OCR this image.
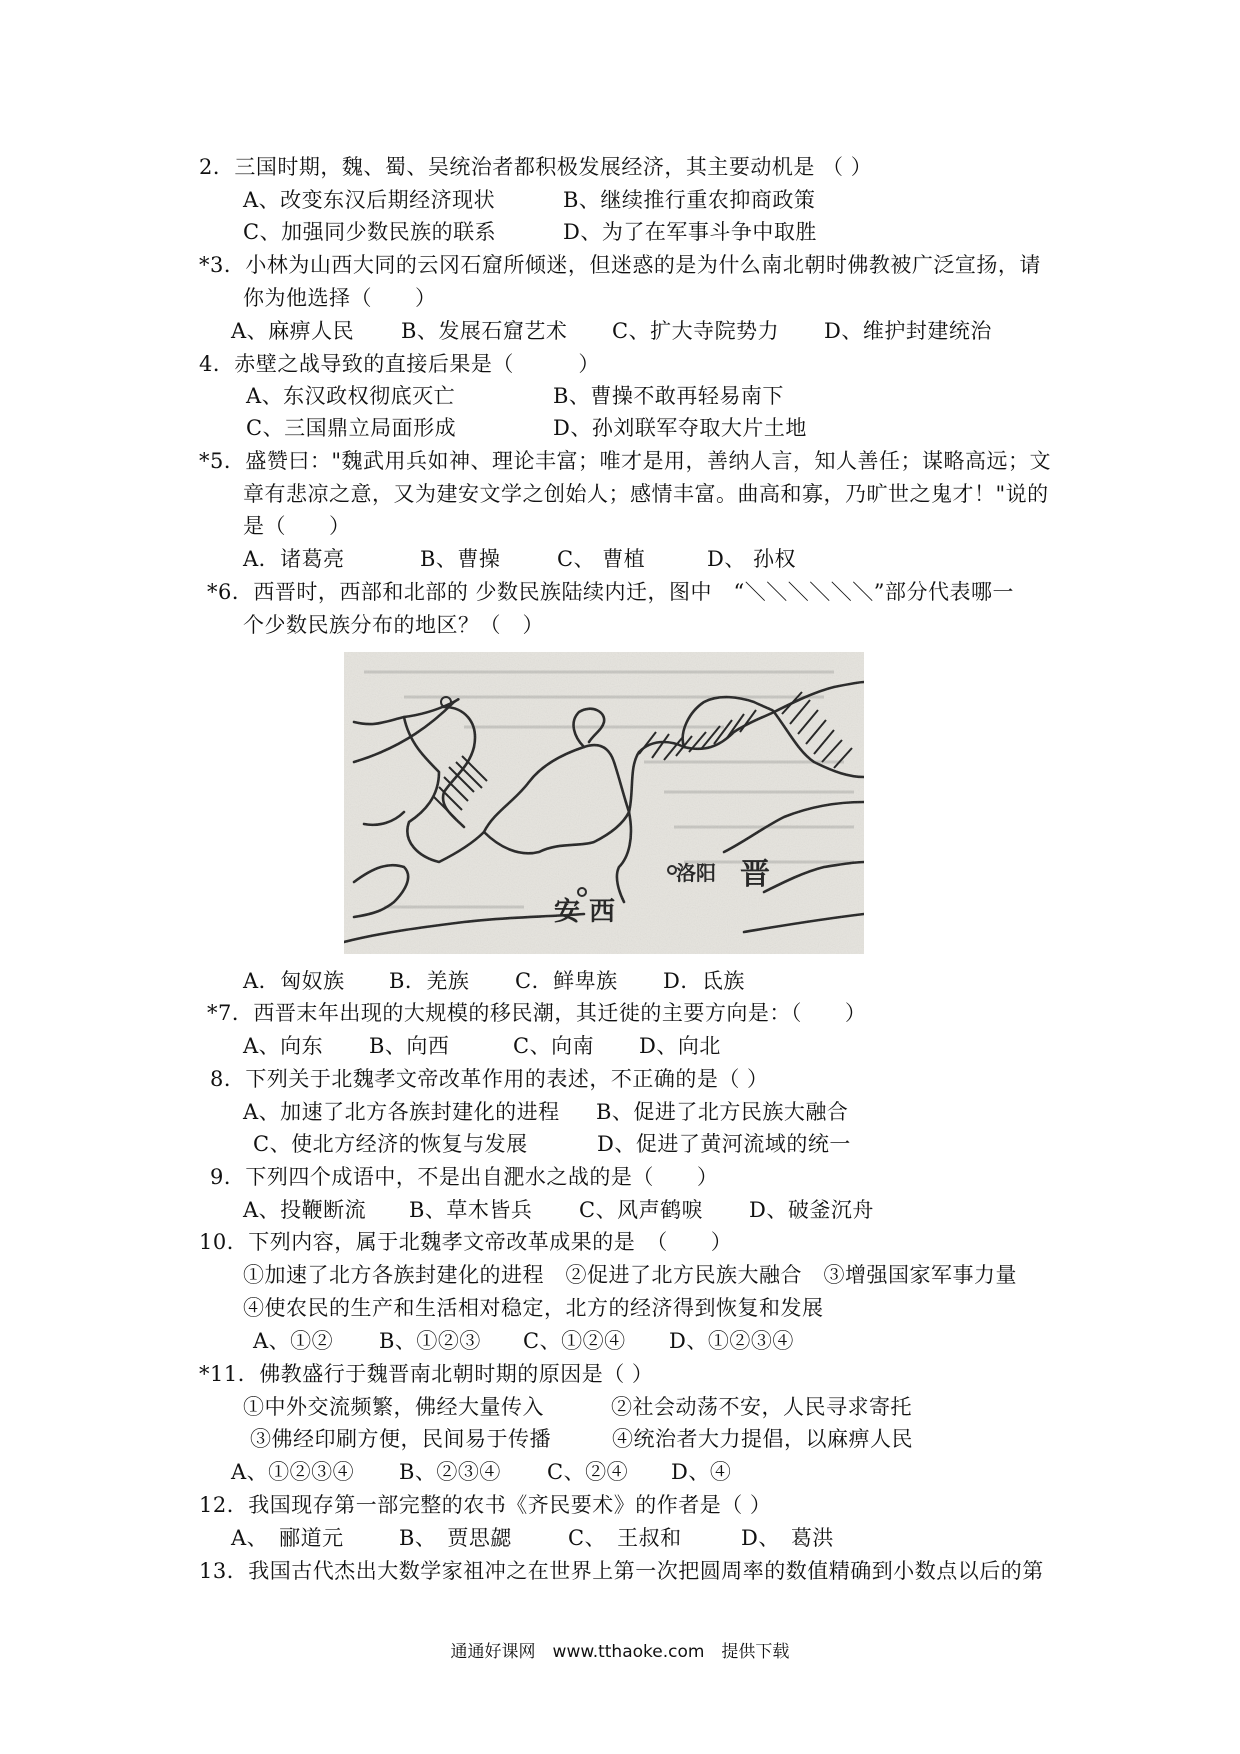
2．三国时期，魏、蜀、吴统治者都积极发展经济，其主要动机是 （ ）
A、改变东汉后期经济现状	B、继续推行重农抑商政策
C、加强同少数民族的联系	D、为了在军事斗争中取胜
*3．小林为山西大同的云冈石窟所倾迷，但迷惑的是为什么南北朝时佛教被广泛宣扬，请
你为他选择（　　）
A、麻痹人民 B、发展石窟艺术 C、扩大寺院势力 D、维护封建统治
4．赤壁之战导致的直接后果是（　　　）
A、东汉政权彻底灭亡	B、曹操不敢再轻易南下
C、三国鼎立局面形成	D、孙刘联军夺取大片土地
*5．盛赞曰："魏武用兵如神、理论丰富；唯才是用，善纳人言，知人善任；谋略高远；文
章有悲凉之意，又为建安文学之创始人；感情丰富。曲高和寡，乃旷世之鬼才！"说的
是（　　）
A．诸葛亮	B、曹操	C、 曹植	D、 孙权
*6．西晋时，西部和北部的 少数民族陆续内迁，图中　“＼＼＼＼＼＼”部分代表哪一
个少数民族分布的地区？（　）
A．匈奴族 B．羌族 C．鲜卑族 D．氐族
*7．西晋末年出现的大规模的移民潮，其迁徙的主要方向是：（　　）
A、向东 B、向西	C、向南 D、向北
8．下列关于北魏孝文帝改革作用的表述，不正确的是（ ）
A、加速了北方各族封建化的进程 B、促进了北方民族大融合
C、使北方经济的恢复与发展	D、促进了黄河流域的统一
9．下列四个成语中，不是出自淝水之战的是（　　）
A、投鞭断流 B、草木皆兵 C、风声鹤唳 D、破釜沉舟
10．下列内容，属于北魏孝文帝改革成果的是　（　　）
①加速了北方各族封建化的进程　②促进了北方民族大融合　③增强国家军事力量
④使农民的生产和生活相对稳定，北方的经济得到恢复和发展
A、①② B、①②③ C、①②④ D、①②③④
*11．佛教盛行于魏晋南北朝时期的原因是（ ）
①中外交流频繁，佛经大量传入	②社会动荡不安，人民寻求寄托
③佛经印刷方便，民间易于传播	④统治者大力提倡，以麻痹人民
A、①②③④ B、②③④ C、②④ D、④
12．我国现存第一部完整的农书《齐民要术》的作者是（ ）
A、　郦道元	B、　贾思勰	C、　王叔和	D、　葛洪
13．我国古代杰出大数学家祖冲之在世界上第一次把圆周率的数值精确到小数点以后的第
通通好课网　www.tthaoke.com　提供下载
